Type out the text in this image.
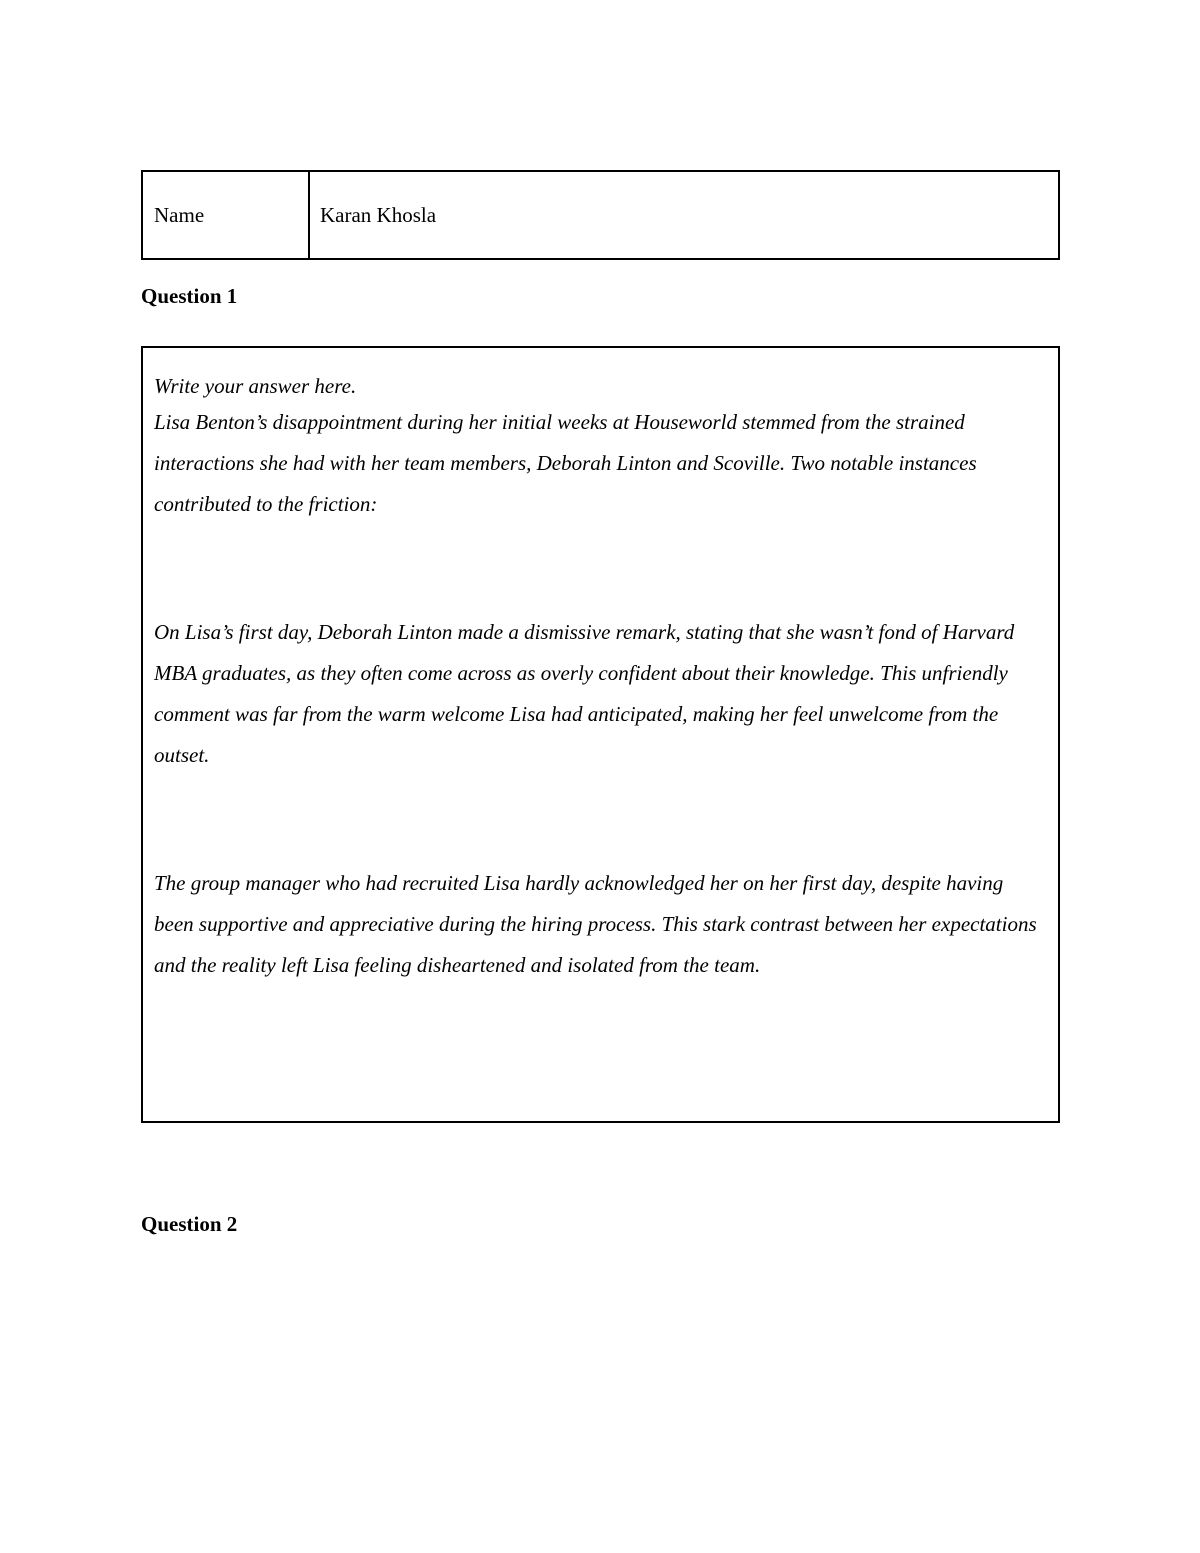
Name	Karan Khosla
Question 1

Write your answer here.

Lisa Benton’s disappointment during her initial weeks at Houseworld stemmed from the strained interactions she had with her team members, Deborah Linton and Scoville. Two notable instances contributed to the friction:

On Lisa’s first day, Deborah Linton made a dismissive remark, stating that she wasn’t fond of Harvard MBA graduates, as they often come across as overly confident about their knowledge. This unfriendly comment was far from the warm welcome Lisa had anticipated, making her feel unwelcome from the outset.

The group manager who had recruited Lisa hardly acknowledged her on her first day, despite having been supportive and appreciative during the hiring process. This stark contrast between her expectations and the reality left Lisa feeling disheartened and isolated from the team.

Question 2
